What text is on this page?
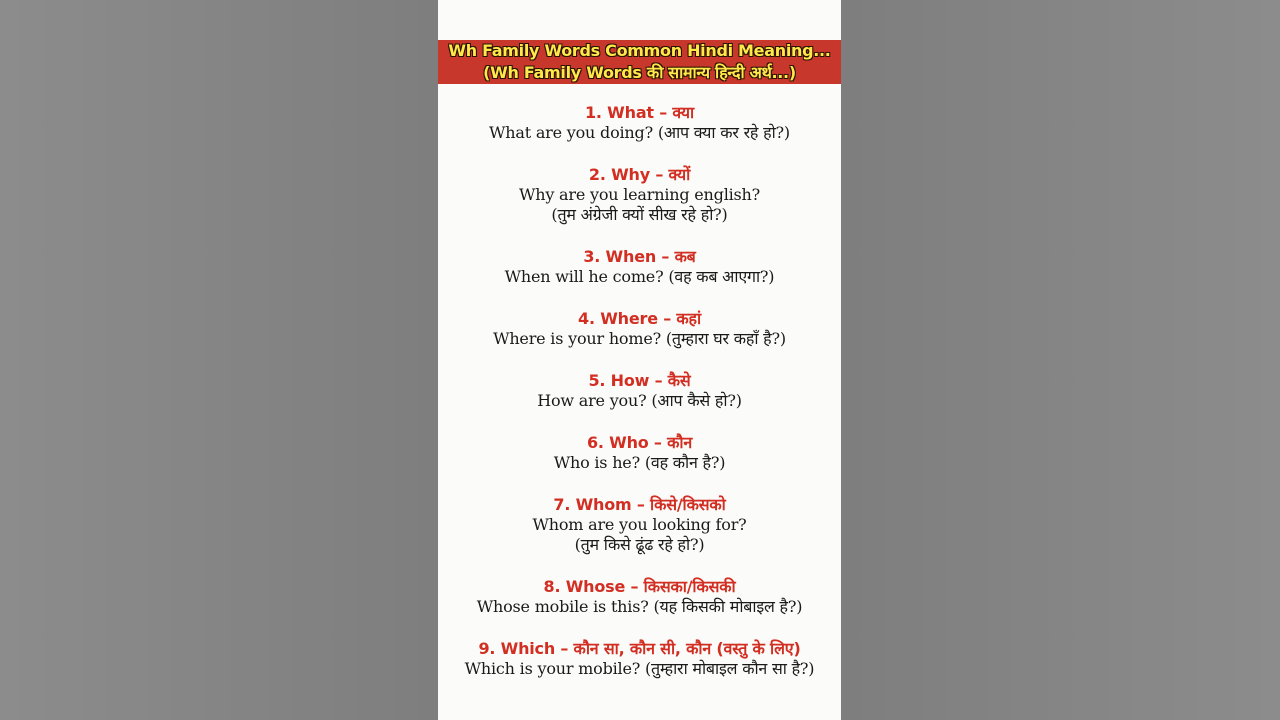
Wh Family Words Common Hindi Meaning...
(Wh Family Words की सामान्य हिन्दी अर्थ...)
1. What – क्या
What are you doing? (आप क्या कर रहे हो?)
2. Why – क्यों
Why are you learning english?
(तुम अंग्रेजी क्यों सीख रहे हो?)
3. When – कब
When will he come? (वह कब आएगा?)
4. Where – कहां
Where is your home? (तुम्हारा घर कहाँ है?)
5. How – कैसे
How are you? (आप कैसे हो?)
6. Who – कौन
Who is he? (वह कौन है?)
7. Whom – किसे/किसको
Whom are you looking for?
(तुम किसे ढूंढ रहे हो?)
8. Whose – किसका/किसकी
Whose mobile is this? (यह किसकी मोबाइल है?)
9. Which – कौन सा, कौन सी, कौन (वस्तु के लिए)
Which is your mobile? (तुम्हारा मोबाइल कौन सा है?)
